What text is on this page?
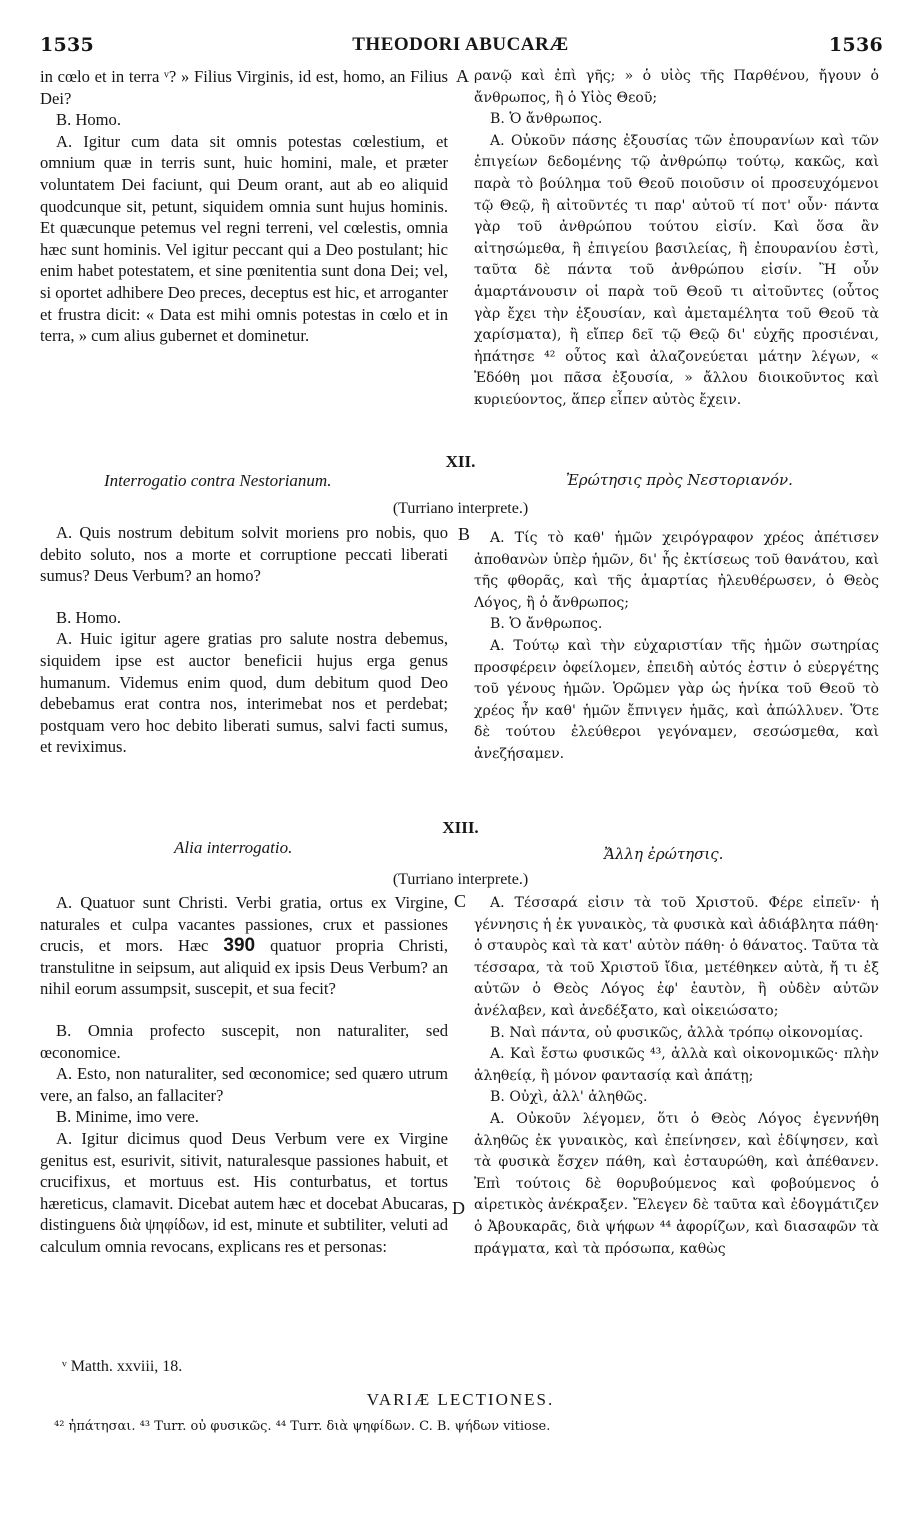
1535	THEODORI ABUCARÆ	1536

in cœlo et in terra ᵛ? » Filius Virginis, id est, homo, an Filius Dei?

B. Homo.

A. Igitur cum data sit omnis potestas cœlestium, et omnium quæ in terris sunt, huic homini, male, et præter voluntatem Dei faciunt, qui Deum orant, aut ab eo aliquid quodcunque sit, petunt, siquidem omnia sunt hujus hominis. Et quæcunque petemus vel regni terreni, vel cœlestis, omnia hæc sunt hominis. Vel igitur peccant qui a Deo postulant; hic enim habet potestatem, et sine pœnitentia sunt dona Dei; vel, si oportet adhibere Deo preces, deceptus est hic, et arroganter et frustra dicit: « Data est mihi omnis potestas in cœlo et in terra, » cum alius gubernet et dominetur.

A ρανῷ καὶ ἐπὶ γῆς; » ὁ υἱὸς τῆς Παρθένου, ἤγουν ὁ ἄνθρωπος, ἢ ὁ Υἱὸς Θεοῦ;

B. Ὁ ἄνθρωπος.

A. Οὐκοῦν πάσης ἐξουσίας τῶν ἐπουρανίων καὶ τῶν ἐπιγείων δεδομένης τῷ ἀνθρώπῳ τούτῳ, κακῶς, καὶ παρὰ τὸ βούλημα τοῦ Θεοῦ ποιοῦσιν οἱ προσευχόμενοι τῷ Θεῷ, ἢ αἰτοῦντές τι παρ' αὐτοῦ τί ποτ' οὖν· πάντα γὰρ τοῦ ἀνθρώπου τούτου εἰσίν. Καὶ ὅσα ἂν αἰτησώμεθα, ἢ ἐπιγείου βασιλείας, ἢ ἐπουρανίου ἐστὶ, ταῦτα δὲ πάντα τοῦ ἀνθρώπου εἰσίν. Ἢ οὖν ἁμαρτάνουσιν οἱ παρὰ τοῦ Θεοῦ τι αἰτοῦντες (οὗτος γὰρ ἔχει τὴν ἐξουσίαν, καὶ ἀμεταμέλητα τοῦ Θεοῦ τὰ χαρίσματα), ἢ εἴπερ δεῖ τῷ Θεῷ δι' εὐχῆς προσιέναι, ἠπάτησε ⁴² οὗτος καὶ ἀλαζονεύεται μάτην λέγων, « Ἐδόθη μοι πᾶσα ἐξουσία, » ἄλλου διοικοῦντος καὶ κυριεύοντος, ἅπερ εἶπεν αὐτὸς ἔχειν.

XII.
Interrogatio contra Nestorianum.	Ἐρώτησις πρὸς Νεστοριανόν.
(Turriano interprete.)

A. Quis nostrum debitum solvit moriens pro nobis, quo debito soluto, nos a morte et corruptione peccati liberati sumus? Deus Verbum? an homo?

B. Homo.

A. Huic igitur agere gratias pro salute nostra debemus, siquidem ipse est auctor beneficii hujus erga genus humanum. Videmus enim quod, dum debitum quod Deo debebamus erat contra nos, interimebat nos et perdebat; postquam vero hoc debito liberati sumus, salvi facti sumus, et reviximus.

B	A. Τίς τὸ καθ' ἡμῶν χειρόγραφον χρέος ἀπέτισεν ἀποθανὼν ὑπὲρ ἡμῶν, δι' ἧς ἐκτίσεως τοῦ θανάτου, καὶ τῆς φθορᾶς, καὶ τῆς ἁμαρτίας ἠλευθέρωσεν, ὁ Θεὸς Λόγος, ἢ ὁ ἄνθρωπος;

B. Ὁ ἄνθρωπος.

A. Τούτῳ καὶ τὴν εὐχαριστίαν τῆς ἡμῶν σωτηρίας προσφέρειν ὀφείλομεν, ἐπειδὴ αὐτός ἐστιν ὁ εὐεργέτης τοῦ γένους ἡμῶν. Ὁρῶμεν γὰρ ὡς ἡνίκα τοῦ Θεοῦ τὸ χρέος ἦν καθ' ἡμῶν ἔπνιγεν ἡμᾶς, καὶ ἀπώλλυεν. Ὅτε δὲ τούτου ἐλεύθεροι γεγόναμεν, σεσώσμεθα, καὶ ἀνεζήσαμεν.

XIII.
Alia interrogatio.	Ἄλλη ἐρώτησις.
(Turriano interprete.)

A. Quatuor sunt Christi. Verbi gratia, ortus ex Virgine, naturales et culpa vacantes passiones, crux et passiones crucis, et mors. Hæc 390 quatuor propria Christi, transtulitne in seipsum, aut aliquid ex ipsis Deus Verbum? an nihil eorum assumpsit, suscepit, et sua fecit?

B. Omnia profecto suscepit, non naturaliter, sed œconomice.

A. Esto, non naturaliter, sed œconomice; sed quæro utrum vere, an falso, an fallaciter?

B. Minime, imo vere.

A. Igitur dicimus quod Deus Verbum vere ex Virgine genitus est, esurivit, sitivit, naturalesque passiones habuit, et crucifixus, et mortuus est. His conturbatus, et tortus hæreticus, clamavit. Dicebat autem hæc et docebat Abucaras, distinguens διὰ ψηφίδων, id est, minute et subtiliter, veluti ad calculum omnia revocans, explicans res et personas:

C
D

A. Τέσσαρά εἰσιν τὰ τοῦ Χριστοῦ. Φέρε εἰπεῖν· ἡ γέννησις ἡ ἐκ γυναικὸς, τὰ φυσικὰ καὶ ἀδιάβλητα πάθη· ὁ σταυρὸς καὶ τὰ κατ' αὐτὸν πάθη· ὁ θάνατος. Ταῦτα τὰ τέσσαρα, τὰ τοῦ Χριστοῦ ἴδια, μετέθηκεν αὐτὰ, ἤ τι ἐξ αὐτῶν ὁ Θεὸς Λόγος ἐφ' ἑαυτὸν, ἢ οὐδὲν αὐτῶν ἀνέλαβεν, καὶ ἀνεδέξατο, καὶ οἰκειώσατο;

B. Ναὶ πάντα, οὐ φυσικῶς, ἀλλὰ τρόπῳ οἰκονομίας.

A. Καὶ ἔστω φυσικῶς ⁴³, ἀλλὰ καὶ οἰκονομικῶς· πλὴν ἀληθείᾳ, ἢ μόνον φαντασίᾳ καὶ ἀπάτῃ;

B. Οὐχὶ, ἀλλ' ἀληθῶς.

A. Οὐκοῦν λέγομεν, ὅτι ὁ Θεὸς Λόγος ἐγεννήθη ἀληθῶς ἐκ γυναικὸς, καὶ ἐπείνησεν, καὶ ἐδίψησεν, καὶ τὰ φυσικὰ ἔσχεν πάθη, καὶ ἐσταυρώθη, καὶ ἀπέθανεν. Ἐπὶ τούτοις δὲ θορυβούμενος καὶ φοβούμενος ὁ αἱρετικὸς ἀνέκραξεν. Ἔλεγεν δὲ ταῦτα καὶ ἐδογμάτιζεν ὁ Ἀβουκαρᾶς, διὰ ψήφων ⁴⁴ ἀφορίζων, καὶ διασαφῶν τὰ πράγματα, καὶ τὰ πρόσωπα, καθὼς

ᵛ Matth. xxviii, 18.
VARIÆ LECTIONES.
⁴² ἠπάτησαι. ⁴³ Turr. οὐ φυσικῶς. ⁴⁴ Turr. διὰ ψηφίδων. C. B. ψήδων vitiose.
